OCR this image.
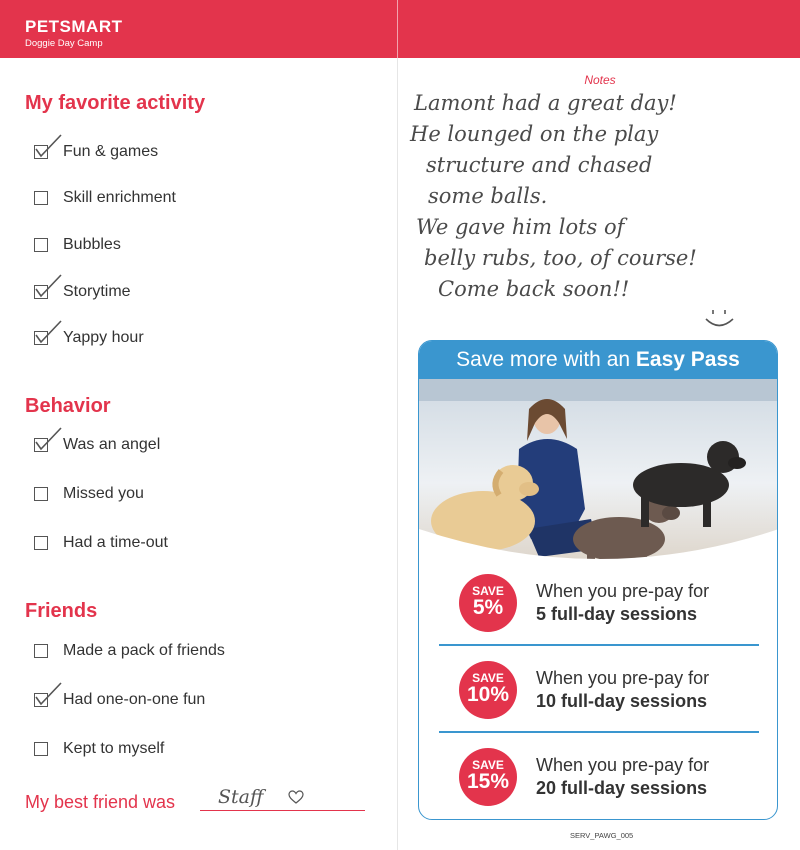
PETSMART
Doggie Day Camp
My favorite activity
Fun & games
Skill enrichment
Bubbles
Storytime
Yappy hour
Behavior
Was an angel
Missed you
Had a time-out
Friends
Made a pack of friends
Had one-on-one fun
Kept to myself
My best friend was Staff
Notes
Lamont had a great day!
He lounged on the play
structure and chased
some balls.
We gave him lots of
belly rubs, too, of course!
Come back soon!!
Save more with an Easy Pass
SAVE
5%
When you pre-pay for
5 full-day sessions
SAVE
10%
When you pre-pay for
10 full-day sessions
SAVE
15%
When you pre-pay for
20 full-day sessions
SERV_PAWG_005
